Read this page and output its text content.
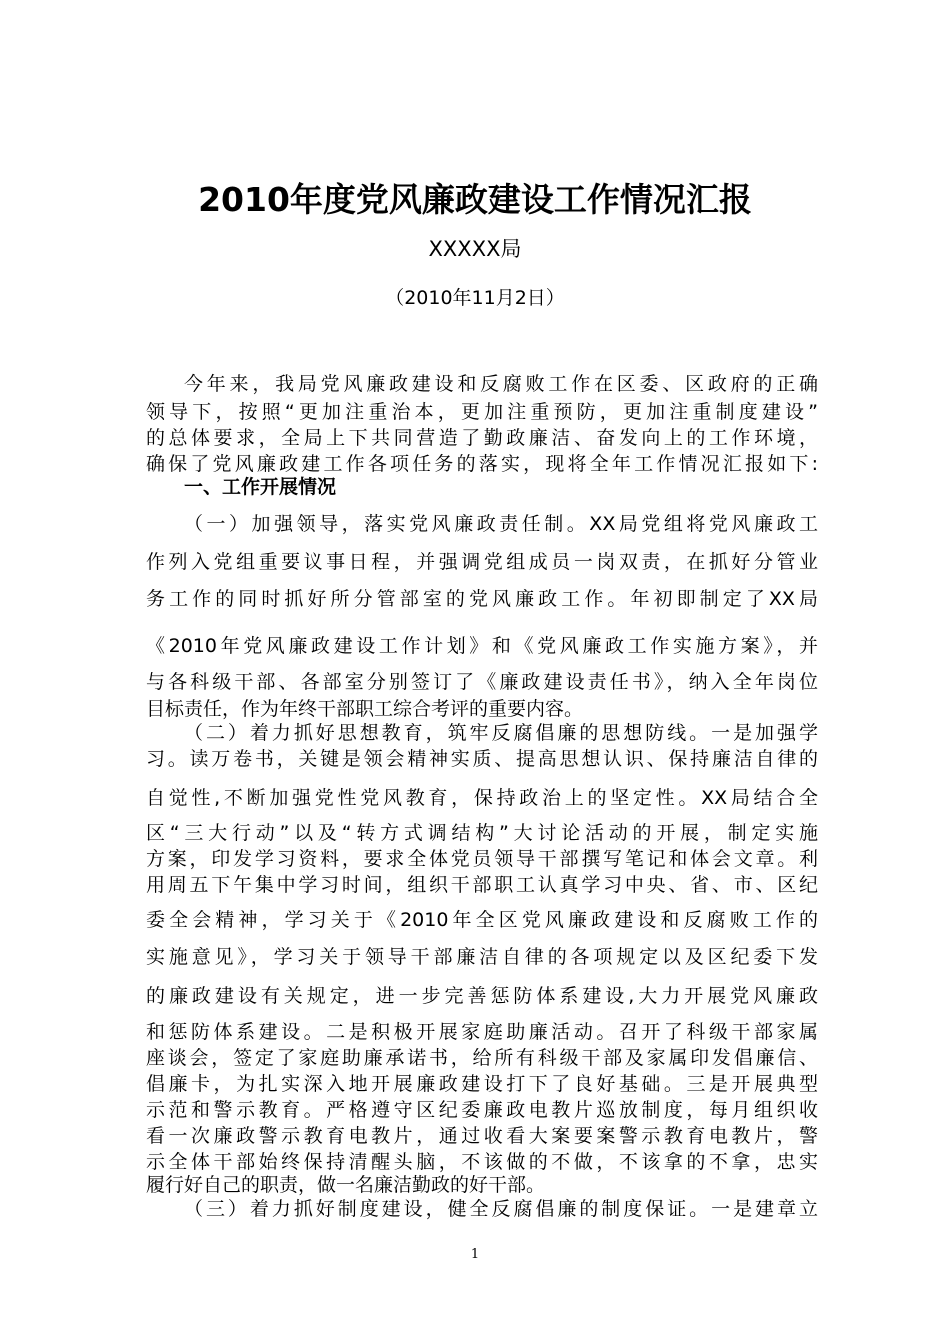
2010年度党风廉政建设工作情况汇报
XXXXX局
（2010年11月2日）
今年来，我局党风廉政建设和反腐败工作在区委、区政府的正确
领导下，按照“更加注重治本，更加注重预防，更加注重制度建设”
的总体要求，全局上下共同营造了勤政廉洁、奋发向上的工作环境，
确保了党风廉政建工作各项任务的落实，现将全年工作情况汇报如下:
一、工作开展情况
（一）加强领导，落实党风廉政责任制。XX局党组将党风廉政工
作列入党组重要议事日程，并强调党组成员一岗双责，在抓好分管业
务工作的同时抓好所分管部室的党风廉政工作。年初即制定了XX局
《2010年党风廉政建设工作计划》和《党风廉政工作实施方案》，并
与各科级干部、各部室分别签订了《廉政建设责任书》，纳入全年岗位
目标责任，作为年终干部职工综合考评的重要内容。
（二）着力抓好思想教育，筑牢反腐倡廉的思想防线。一是加强学
习。读万卷书，关键是领会精神实质、提高思想认识、保持廉洁自律的
自觉性,不断加强党性党风教育，保持政治上的坚定性。XX局结合全
区“三大行动”以及“转方式调结构”大讨论活动的开展，制定实施
方案，印发学习资料，要求全体党员领导干部撰写笔记和体会文章。利
用周五下午集中学习时间，组织干部职工认真学习中央、省、市、区纪
委全会精神，学习关于《2010年全区党风廉政建设和反腐败工作的
实施意见》，学习关于领导干部廉洁自律的各项规定以及区纪委下发
的廉政建设有关规定，进一步完善惩防体系建设,大力开展党风廉政
和惩防体系建设。二是积极开展家庭助廉活动。召开了科级干部家属
座谈会，签定了家庭助廉承诺书，给所有科级干部及家属印发倡廉信、
倡廉卡，为扎实深入地开展廉政建设打下了良好基础。三是开展典型
示范和警示教育。严格遵守区纪委廉政电教片巡放制度，每月组织收
看一次廉政警示教育电教片，通过收看大案要案警示教育电教片，警
示全体干部始终保持清醒头脑，不该做的不做，不该拿的不拿，忠实
履行好自己的职责，做一名廉洁勤政的好干部。
（三）着力抓好制度建设，健全反腐倡廉的制度保证。一是建章立
1
